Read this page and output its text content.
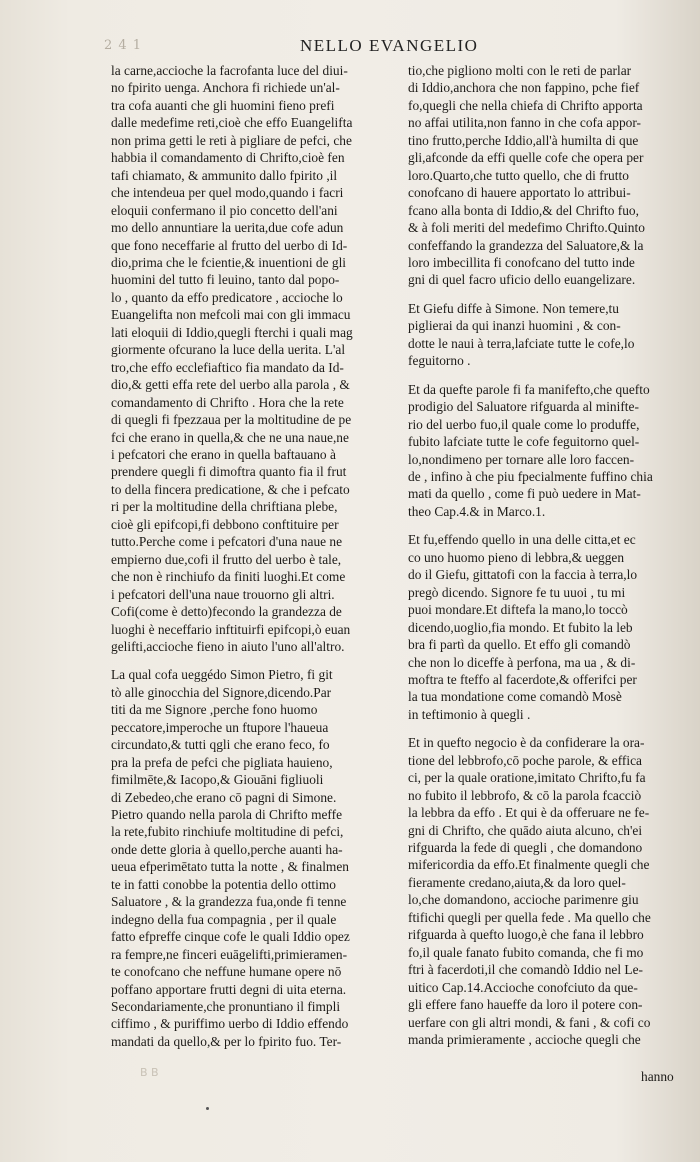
2 4 1	NELLO EVANGELIO

la carne,accioche la facrofanta luce del diui-

no fpirito uenga. Anchora fi richiede un'al-

tra cofa auanti che gli huomini fieno prefi

dalle medefime reti,cioè che effo Euangelifta

non prima getti le reti à pigliare de pefci, che

habbia il comandamento di Chrifto,cioè fen

tafi chiamato, & ammunito dallo fpirito ,il

che intendeua per quel modo,quando i facri

eloquii confermano il pio concetto dell'ani

mo dello annuntiare la uerita,due cofe adun

que fono neceffarie al frutto del uerbo di Id-

dio,prima che le fcientie,& inuentioni de gli

huomini del tutto fi leuino, tanto dal popo-

lo , quanto da effo predicatore , accioche lo

Euangelifta non mefcoli mai con gli immacu

lati eloquii di Iddio,quegli fterchi i quali mag

giormente ofcurano la luce della uerita. L'al

tro,che effo ecclefiaftico fia mandato da Id-

dio,& getti effa rete del uerbo alla parola , &

comandamento di Chrifto . Hora che la rete

di quegli fi fpezzaua per la moltitudine de pe

fci che erano in quella,& che ne una naue,ne

i pefcatori che erano in quella baftauano à

prendere quegli fi dimoftra quanto fia il frut

to della fincera predicatione, & che i pefcato

ri per la moltitudine della chriftiana plebe,

cioè gli epifcopi,fi debbono conftituire per

tutto.Perche come i pefcatori d'una naue ne

empierno due,cofi il frutto del uerbo è tale,

che non è rinchiufo da finiti luoghi.Et come

i pefcatori dell'una naue trouorno gli altri.

Cofi(come è detto)fecondo la grandezza de

luoghi è neceffario inftituirfi epifcopi,ò euan

gelifti,accioche fieno in aiuto l'uno all'altro.

La qual cofa ueggédo Simon Pietro, fi git

tò alle ginocchia del Signore,dicendo.Par

titi da me Signore ,perche fono huomo

peccatore,imperoche un ftupore l'haueua

circundato,& tutti qgli che erano feco, fo

pra la prefa de pefci che pigliata hauieno,

fimilmēte,& Iacopo,& Giouāni figliuoli

di Zebedeo,che erano cō pagni di Simone.

Pietro quando nella parola di Chrifto meffe

la rete,fubito rinchiufe moltitudine di pefci,

onde dette gloria à quello,perche auanti ha-

ueua efperimētato tutta la notte , & finalmen

te in fatti conobbe la potentia dello ottimo

Saluatore , & la grandezza fua,onde fi tenne

indegno della fua compagnia , per il quale

fatto efpreffe cinque cofe le quali Iddio opez

ra fempre,ne finceri euāgelifti,primieramen-

te conofcano che neffune humane opere nō

poffano apportare frutti degni di uita eterna.

Secondariamente,che pronuntiano il fimpli

ciffimo , & puriffimo uerbo di Iddio effendo

mandati da quello,& per lo fpirito fuo. Ter-

tio,che pigliono molti con le reti de parlar

di Iddio,anchora che non fappino, pche fief

fo,quegli che nella chiefa di Chrifto apporta

no affai utilita,non fanno in che cofa appor-

tino frutto,perche Iddio,all'à humilta di que

gli,afconde da effi quelle cofe che opera per

loro.Quarto,che tutto quello, che di frutto

conofcano di hauere apportato lo attribui-

fcano alla bonta di Iddio,& del Chrifto fuo,

& à foli meriti del medefimo Chrifto.Quinto

confeffando la grandezza del Saluatore,& la

loro imbecillita fi conofcano del tutto inde

gni di quel facro uficio dello euangelizare.

Et Giefu diffe à Simone. Non temere,tu

piglierai da qui inanzi huomini , & con-

dotte le naui à terra,lafciate tutte le cofe,lo

feguitorno .

Et da quefte parole fi fa manifefto,che quefto

prodigio del Saluatore rifguarda al minifte-

rio del uerbo fuo,il quale come lo produffe,

fubito lafciate tutte le cofe feguitorno quel-

lo,nondimeno per tornare alle loro faccen-

de , infino à che piu fpecialmente fuffino chia

mati da quello , come fi può uedere in Mat-

theo Cap.4.& in Marco.1.

Et fu,effendo quello in una delle citta,et ec

co uno huomo pieno di lebbra,& ueggen

do il Giefu, gittatofi con la faccia à terra,lo

pregò dicendo. Signore fe tu uuoi , tu mi

puoi mondare.Et diftefa la mano,lo toccò

dicendo,uoglio,fia mondo. Et fubito la leb

bra fi partì da quello. Et effo gli comandò

che non lo diceffe à perfona, ma ua , & di-

moftra te fteffo al facerdote,& offerifci per

la tua mondatione come comandò Mosè

in teftimonio à quegli .

Et in quefto negocio è da confiderare la ora-

tione del lebbrofo,cō poche parole, & effica

ci, per la quale oratione,imitato Chrifto,fu fa

no fubito il lebbrofo, & cō la parola fcacciò

la lebbra da effo . Et qui è da offeruare ne fe-

gni di Chrifto, che quādo aiuta alcuno, ch'ei

rifguarda la fede di quegli , che domandono

mifericordia da effo.Et finalmente quegli che

fieramente credano,aiuta,& da loro quel-

lo,che domandono, accioche parimenre giu

ftifichi quegli per quella fede . Ma quello che

rifguarda à quefto luogo,è che fana il lebbro

fo,il quale fanato fubito comanda, che fi mo

ftri à facerdoti,il che comandò Iddio nel Le-

uitico Cap.14.Accioche conofciuto da que-

gli effere fano haueffe da loro il potere con-

uerfare con gli altri mondi, & fani , & cofi co

manda primieramente , accioche quegli che

B B	hanno
